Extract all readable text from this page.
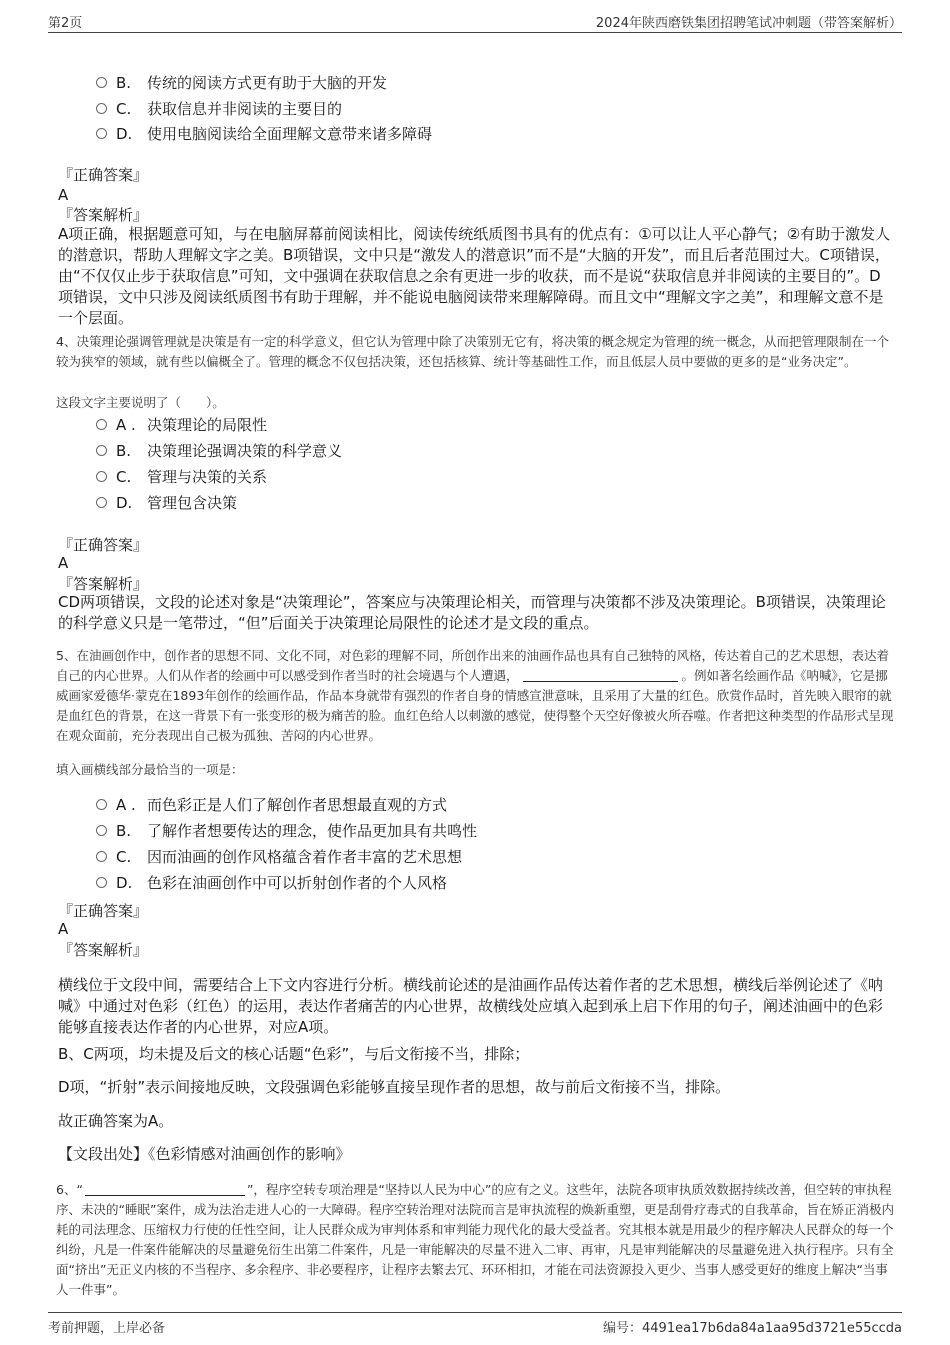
第2页	2024年陕西磨铁集团招聘笔试冲刺题（带答案解析）
B. 传统的阅读方式更有助于大脑的开发
C. 获取信息并非阅读的主要目的
D. 使用电脑阅读给全面理解文意带来诸多障碍
『正确答案』
A
『答案解析』
A项正确，根据题意可知，与在电脑屏幕前阅读相比，阅读传统纸质图书具有的优点有：①可以让人平心静气；②有助于激发人的潜意识，帮助人理解文字之美。B项错误，文中只是“激发人的潜意识”而不是“大脑的开发”，而且后者范围过大。C项错误，由“不仅仅止步于获取信息”可知，文中强调在获取信息之余有更进一步的收获，而不是说“获取信息并非阅读的主要目的”。D项错误，文中只涉及阅读纸质图书有助于理解，并不能说电脑阅读带来理解障碍。而且文中“理解文字之美”，和理解文意不是一个层面。
4、决策理论强调管理就是决策是有一定的科学意义，但它认为管理中除了决策别无它有，将决策的概念规定为管理的统一概念，从而把管理限制在一个较为狭窄的领域，就有些以偏概全了。管理的概念不仅包括决策，还包括核算、统计等基础性工作，而且低层人员中要做的更多的是“业务决定”。
这段文字主要说明了（　　）。
A . 决策理论的局限性
B. 决策理论强调决策的科学意义
C. 管理与决策的关系
D. 管理包含决策
『正确答案』
A
『答案解析』
CD两项错误，文段的论述对象是“决策理论”，答案应与决策理论相关，而管理与决策都不涉及决策理论。B项错误，决策理论的科学意义只是一笔带过，“但”后面关于决策理论局限性的论述才是文段的重点。
5、在油画创作中，创作者的思想不同、文化不同，对色彩的理解不同，所创作出来的油画作品也具有自己独特的风格，传达着自己的艺术思想，表达着自己的内心世界。人们从作者的绘画中可以感受到作者当时的社会境遇与个人遭遇，	。例如著名绘画作品《呐喊》，它是挪威画家爱德华·蒙克在1893年创作的绘画作品，作品本身就带有强烈的作者自身的情感宣泄意味，且采用了大量的红色。欣赏作品时，首先映入眼帘的就是血红色的背景，在这一背景下有一张变形的极为痛苦的脸。血红色给人以刺激的感觉，使得整个天空好像被火所吞噬。作者把这种类型的作品形式呈现在观众面前，充分表现出自己极为孤独、苦闷的内心世界。
填入画横线部分最恰当的一项是：
A . 而色彩正是人们了解创作者思想最直观的方式
B. 了解作者想要传达的理念，使作品更加具有共鸣性
C. 因而油画的创作风格蕴含着作者丰富的艺术思想
D. 色彩在油画创作中可以折射创作者的个人风格
『正确答案』
A
『答案解析』
横线位于文段中间，需要结合上下文内容进行分析。横线前论述的是油画作品传达着作者的艺术思想，横线后举例论述了《呐喊》中通过对色彩（红色）的运用，表达作者痛苦的内心世界，故横线处应填入起到承上启下作用的句子，阐述油画中的色彩能够直接表达作者的内心世界，对应A项。
B、C两项，均未提及后文的核心话题“色彩”，与后文衔接不当，排除；
D项，“折射”表示间接地反映，文段强调色彩能够直接呈现作者的思想，故与前后文衔接不当，排除。
故正确答案为A。
【文段出处】《色彩情感对油画创作的影响》
6、“	”，程序空转专项治理是“坚持以人民为中心”的应有之义。这些年，法院各项审执质效数据持续改善，但空转的审执程序、未决的“睡眠”案件，成为法治走进人心的一大障碍。程序空转治理对法院而言是审执流程的焕新重塑，更是刮骨疗毒式的自我革命，旨在矫正消极内耗的司法理念、压缩权力行使的任性空间，让人民群众成为审判体系和审判能力现代化的最大受益者。究其根本就是用最少的程序解决人民群众的每一个纠纷，凡是一件案件能解决的尽量避免衍生出第二件案件，凡是一审能解决的尽量不进入二审、再审，凡是审判能解决的尽量避免进入执行程序。只有全面“挤出”无正义内核的不当程序、多余程序、非必要程序，让程序去繁去冗、环环相扣，才能在司法资源投入更少、当事人感受更好的维度上解决“当事人一件事”。
考前押题，上岸必备	编号：4491ea17b6da84a1aa95d3721e55ccda
